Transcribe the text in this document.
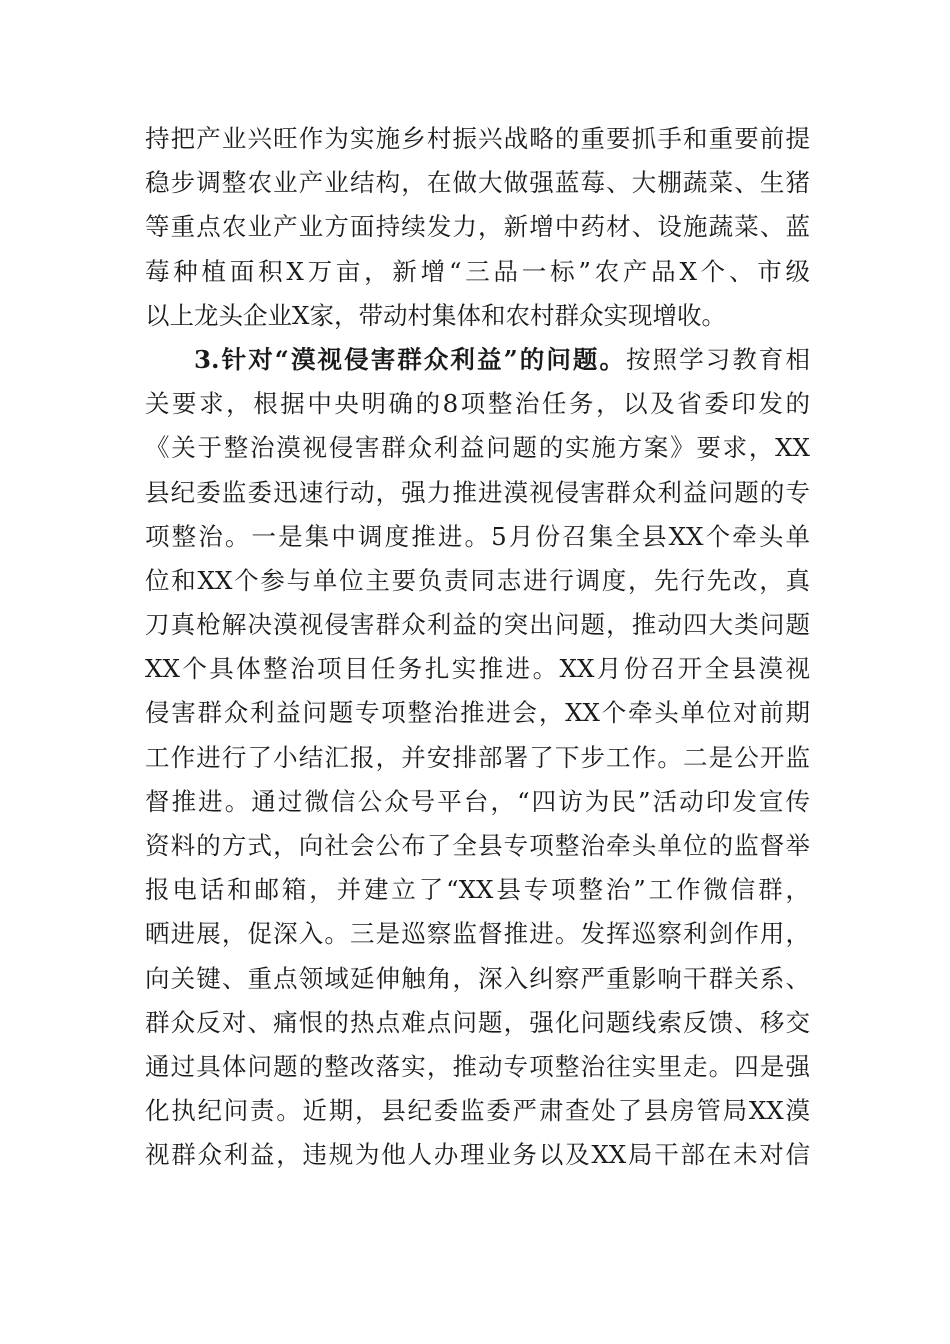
持把产业兴旺作为实施乡村振兴战略的重要抓手和重要前提
稳步调整农业产业结构，在做大做强蓝莓、大棚蔬菜、生猪
等重点农业产业方面持续发力，新增中药材、设施蔬菜、蓝
莓种植面积X万亩，新增“三品一标”农产品X个、市级
以上龙头企业X家，带动村集体和农村群众实现增收。
3.针对“漠视侵害群众利益”的问题。按照学习教育相
关要求，根据中央明确的8项整治任务，以及省委印发的
《关于整治漠视侵害群众利益问题的实施方案》要求，XX
县纪委监委迅速行动，强力推进漠视侵害群众利益问题的专
项整治。一是集中调度推进。5月份召集全县XX个牵头单
位和XX个参与单位主要负责同志进行调度，先行先改，真
刀真枪解决漠视侵害群众利益的突出问题，推动四大类问题
XX个具体整治项目任务扎实推进。XX月份召开全县漠视
侵害群众利益问题专项整治推进会，XX个牵头单位对前期
工作进行了小结汇报，并安排部署了下步工作。二是公开监
督推进。通过微信公众号平台，“四访为民”活动印发宣传
资料的方式，向社会公布了全县专项整治牵头单位的监督举
报电话和邮箱，并建立了“XX县专项整治”工作微信群，
晒进展，促深入。三是巡察监督推进。发挥巡察利剑作用，
向关键、重点领域延伸触角，深入纠察严重影响干群关系、
群众反对、痛恨的热点难点问题，强化问题线索反馈、移交
通过具体问题的整改落实，推动专项整治往实里走。四是强
化执纪问责。近期，县纪委监委严肃查处了县房管局XX漠
视群众利益，违规为他人办理业务以及XX局干部在未对信
